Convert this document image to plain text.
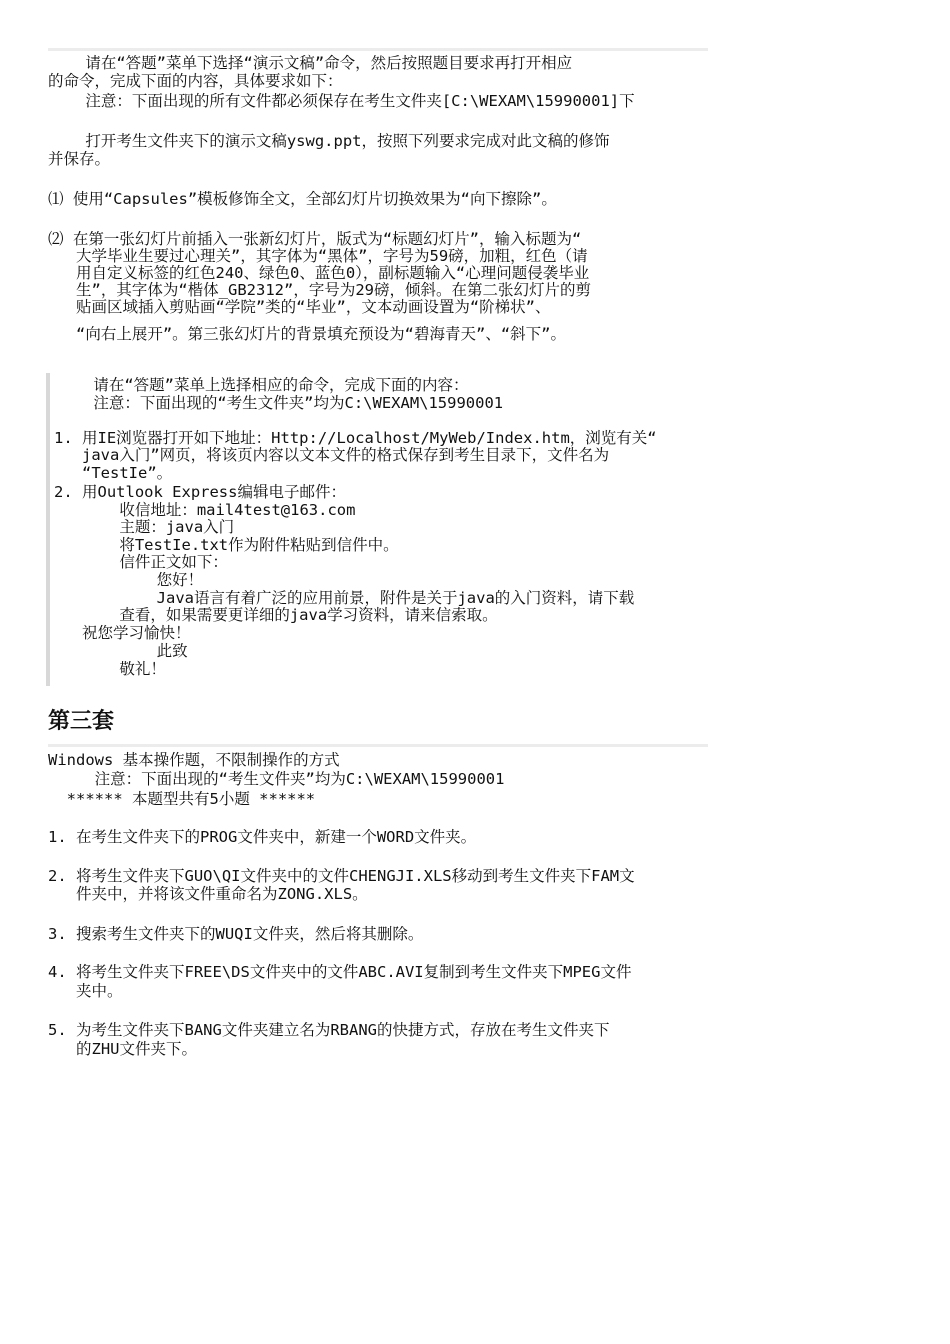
请在“答题”菜单下选择“演示文稿”命令，然后按照题目要求再打开相应

的命令，完成下面的内容，具体要求如下：

注意：下面出现的所有文件都必须保存在考生文件夹[C:\WEXAM\15990001]下

打开考生文件夹下的演示文稿yswg.ppt，按照下列要求完成对此文稿的修饰

并保存。

⑴ 使用“Capsules”模板修饰全文，全部幻灯片切换效果为“向下擦除”。

⑵ 在第一张幻灯片前插入一张新幻灯片，版式为“标题幻灯片”，输入标题为“

大学毕业生要过心理关”，其字体为“黑体”，字号为59磅，加粗，红色（请

用自定义标签的红色240、绿色0、蓝色0），副标题输入“心理问题侵袭毕业

生”，其字体为“楷体_GB2312”，字号为29磅，倾斜。在第二张幻灯片的剪

贴画区域插入剪贴画“学院”类的“毕业”，文本动画设置为“阶梯状”、

“向右上展开”。第三张幻灯片的背景填充预设为“碧海青天”、“斜下”。

请在“答题”菜单上选择相应的命令，完成下面的内容：

注意：下面出现的“考生文件夹”均为C:\WEXAM\15990001

1. 用IE浏览器打开如下地址：Http://Localhost/MyWeb/Index.htm，浏览有关“

java入门”网页，将该页内容以文本文件的格式保存到考生目录下，文件名为

“TestIe”。

2. 用Outlook Express编辑电子邮件：

收信地址：mail4test@163.com

主题：java入门

将TestIe.txt作为附件粘贴到信件中。

信件正文如下：

您好！

Java语言有着广泛的应用前景，附件是关于java的入门资料，请下载

查看，如果需要更详细的java学习资料，请来信索取。

祝您学习愉快！

此致

敬礼！

第三套

Windows 基本操作题，不限制操作的方式

注意：下面出现的“考生文件夹”均为C:\WEXAM\15990001

****** 本题型共有5小题 ******

1. 在考生文件夹下的PROG文件夹中，新建一个WORD文件夹。

2. 将考生文件夹下GUO\QI文件夹中的文件CHENGJI.XLS移动到考生文件夹下FAM文

件夹中，并将该文件重命名为ZONG.XLS。

3. 搜索考生文件夹下的WUQI文件夹，然后将其删除。

4. 将考生文件夹下FREE\DS文件夹中的文件ABC.AVI复制到考生文件夹下MPEG文件

夹中。

5. 为考生文件夹下BANG文件夹建立名为RBANG的快捷方式，存放在考生文件夹下

的ZHU文件夹下。
